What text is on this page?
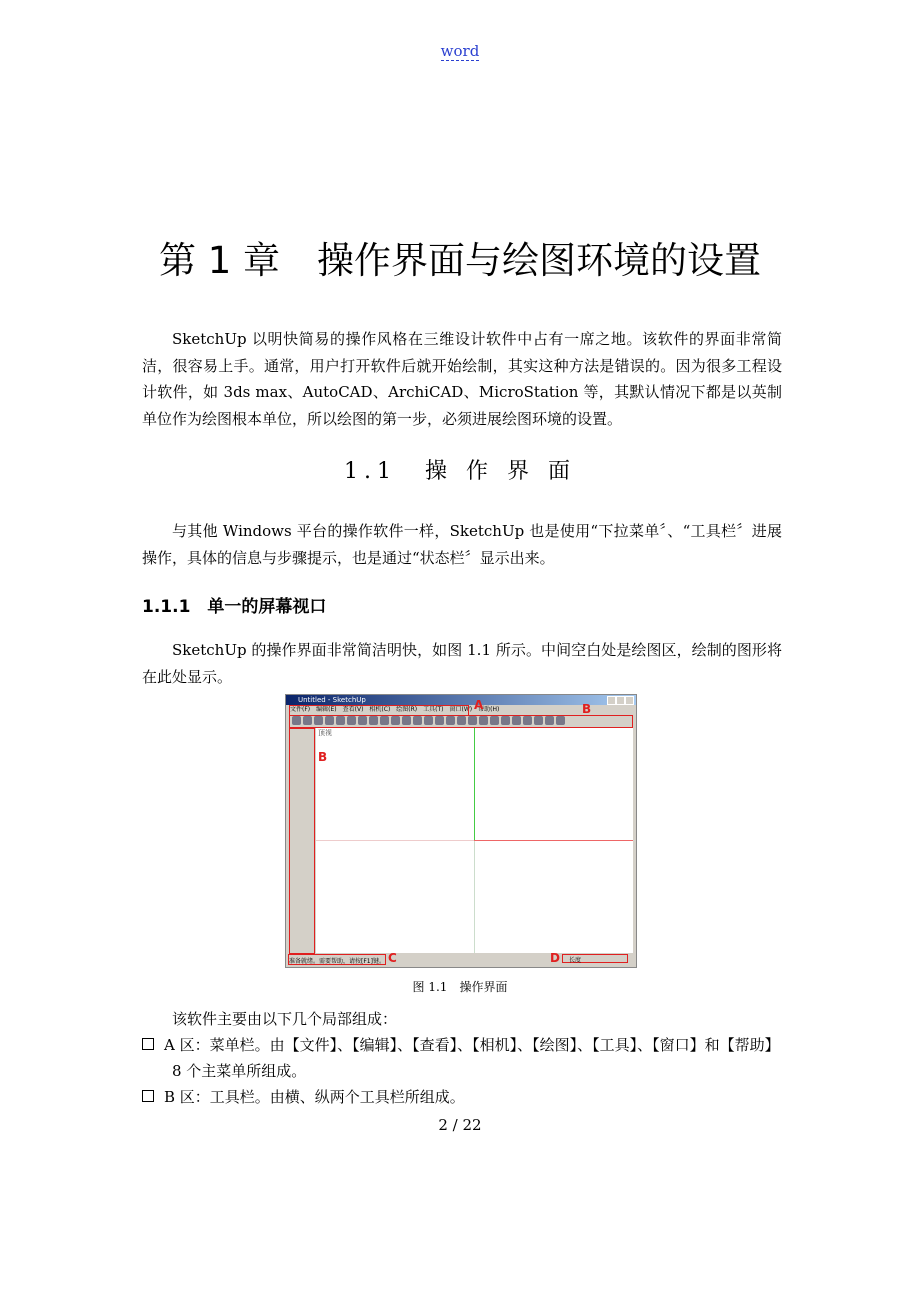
word
第 1 章　操作界面与绘图环境的设置
SketchUp 以明快简易的操作风格在三维设计软件中占有一席之地。该软件的界面非常简洁，很容易上手。通常，用户打开软件后就开始绘制，其实这种方法是错误的。因为很多工程设计软件，如 3ds max、AutoCAD、ArchiCAD、MicroStation 等，其默认情况下都是以英制单位作为绘图根本单位，所以绘图的第一步，必须进展绘图环境的设置。
1.1　操 作 界 面
与其他 Windows 平台的操作软件一样，SketchUp 也是使用“下拉菜单〞、“工具栏〞进展操作，具体的信息与步骤提示，也是通过“状态栏〞显示出来。
1.1.1　单一的屏幕视口
SketchUp 的操作界面非常简洁明快，如图 1.1 所示。中间空白处是绘图区，绘制的图形将在此处显示。
Untitled - SketchUp
文件(F) 编辑(E) 查看(V) 相机(C) 绘图(R) 工具(T) 窗口(W) 帮助(H)
A	B
顶视
B
准备就绪。需要帮助，请按[F1]键。 C	D	长度
图 1.1　操作界面
该软件主要由以下几个局部组成：
A 区：菜单栏。由【文件】、【编辑】、【查看】、【相机】、【绘图】、【工具】、【窗口】和【帮助】8 个主菜单所组成。
B 区：工具栏。由横、纵两个工具栏所组成。
2 / 22
